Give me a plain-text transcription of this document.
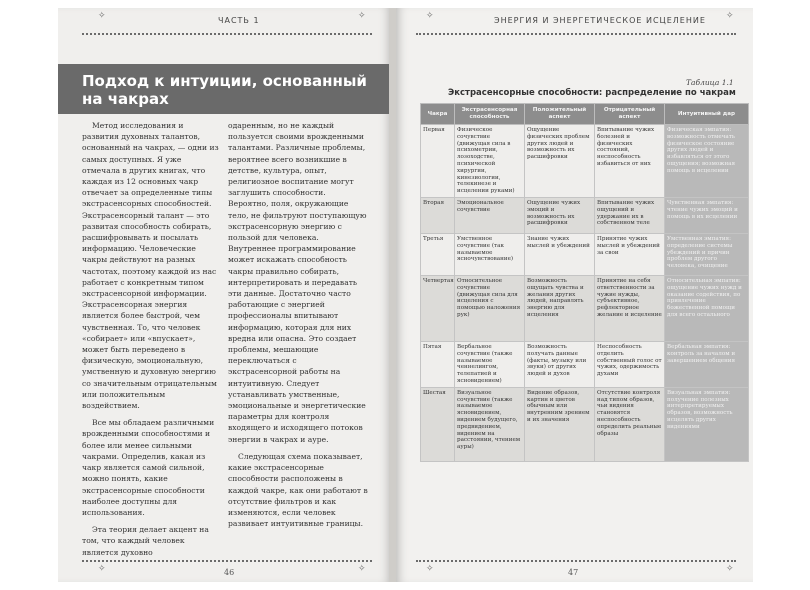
ЧАСТЬ 1
✧	✧
Подход к интуиции, основанный на чакрах

Метод исследования и развития духовных талантов, основанный на чакрах, — одни из самых доступных. Я уже отмечала в других книгах, что каждая из 12 основных чакр отвечает за определенные типы экстрасенсорных способностей. Экстрасенсорный талант — это развитая способность собирать, расшифровывать и посылать информацию. Человеческие чакры действуют на разных частотах, поэтому каждой из нас работает с конкретным типом экстрасенсорной информации. Экстрасенсорная энергия является более быстрой, чем чувственная. То, что человек «собирает» или «впускает», может быть переведено в физическую, эмоциональную, умственную и духовную энергию со значительным отрицательным или положительным воздействием.

Все мы обладаем различными врожденными способностями и более или менее сильными чакрами. Определив, какая из чакр является самой сильной, можно понять, какие экстрасенсорные способности наиболее доступны для использования.

Эта теория делает акцент на том, что каждый человек является духовно

одаренным, но не каждый пользуется своими врожденными талантами. Различные проблемы, вероятнее всего возникшие в детстве, культура, опыт, религиозное воспитание могут заглушить способности. Вероятно, поля, окружающие тело, не фильтруют поступающую экстрасенсорную энергию с пользой для человека. Внутреннее программирование может искажать способность чакры правильно собирать, интерпретировать и передавать эти данные. Достаточно часто работающие с энергией профессионалы впитывают информацию, которая для них вредна или опасна. Это создает проблемы, мешающие переключаться с экстрасенсорной работы на интуитивную. Следует устанавливать умственные, эмоциональные и энергетические параметры для контроля входящего и исходящего потоков энергии в чакрах и ауре.

Следующая схема показывает, какие экстрасенсорные способности расположены в каждой чакре, как они работают в отсутствие фильтров и как изменяются, если человек развивает интуитивные границы.

✧	✧
46
ЭНЕРГИЯ И ЭНЕРГЕТИЧЕСКОЕ ИСЦЕЛЕНИЕ
✧	✧
Таблица 1.1
Экстрасенсорные способности: распределение по чакрам
Чакра	Экстрасенсорная способность	Положительный аспект	Отрицательный аспект	Интуитивный дар
Первая	Физическое сочувствие (движущая сила в психометрии, лозоходстве, психической хирургии, кинезиологии, телекинезе и исцелении руками)	Ощущение физических проблем других людей и возможность их расшифровки	Впитывание чужих болезней и физических состояний, неспособность избавиться от них	Физическая эмпатия: возможность отмечать физическое состояние других людей и избавляться от этого ощущения; возможная помощь в исцелении
Вторая	Эмоциональное сочувствие	Ощущение чужих эмоций и возможность их расшифровки	Впитывание чужих ощущений и удержание их в собственном теле	Чувственная эмпатия: чтение чужих эмоций и помощь в их исцелении
Третья	Умственное сочувствие (так называемое ясночувствование)	Знание чужих мыслей и убеждений	Принятие чужих мыслей и убеждений за свои	Умственная эмпатия: определение системы убеждений и причин проблем другого человека, очищение
Четвертая	Относительное сочувствие (движущая сила для исцеления с помощью наложения рук)	Возможность ощущать чувства и желания других людей, направлять энергию для исцеления	Принятие на себя ответственности за чужие нужды, субъективное, рефлекторное желание и исцеление	Относительная эмпатия: ощущение чужих нужд и оказание содействия, по привлечение божественной помощи для всего остального
Пятая	Вербальное сочувствие (также называемое ченнелингом, телепатией и ясновидением)	Возможность получать данные (факты, музыку или звуки) от других людей и духов	Неспособность отделить собственный голос от чужих, одержимость духами	Вербальная эмпатия: контроль за началом и завершением общения
Шестая	Визуальное сочувствие (также называемое ясновидением, видением будущего, предвидением, видением на расстоянии, чтением ауры)	Видение образов, картин и цветов обычным или внутренним зрением и их значения	Отсутствие контроля над типом образов, чьи видения становятся неспособность определить реальные образы	Визуальная эмпатия: получение полезных интерпретируемых образов, возможность исцелять других видениями
✧	✧
47
